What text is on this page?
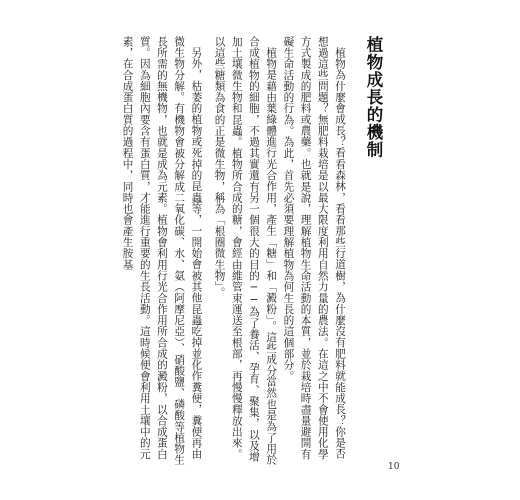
植物成長的機制

植物為什麼會成長？看看森林，看看那些行道樹，為什麼沒有肥料就能成長？你是否想過這些問題？無肥料栽培是以最大限度利用自然力量的農法。在這之中不會使用化學方式製成的肥料或農藥。也就是說，理解植物生命活動的本質，並於栽培時盡量避開有礙生命活動的行為。為此，首先必須要理解植物為何生長的這個部分。

植物是藉由葉綠體進行光合作用，產生「糖」和「澱粉」。這些成分當然也是為了用於合成植物的細胞，不過其實還有另一個很大的目的──為了養活、孕育、聚集，以及增加土壤微生物和昆蟲。植物所合成的糖，會經由維管束運送至根部，再慢慢釋放出來。以這些糖類為食的正是微生物，稱為「根圈微生物」。

另外，枯萎的植物或死掉的昆蟲等，一開始會被其他昆蟲吃掉並化作糞便，糞便再由微生物分解。有機物會被分解成二氧化碳、水、氨（阿摩尼亞）、硝酸鹽、磷酸等植物生長所需的無機物，也就是成為元素。植物會利用行光合作用所合成的澱粉，以合成蛋白質。因為細胞內要含有蛋白質，才能進行重要的生長活動。這時候便會利用土壤中的元素，在合成蛋白質的過程中，同時也會產生胺基

10
